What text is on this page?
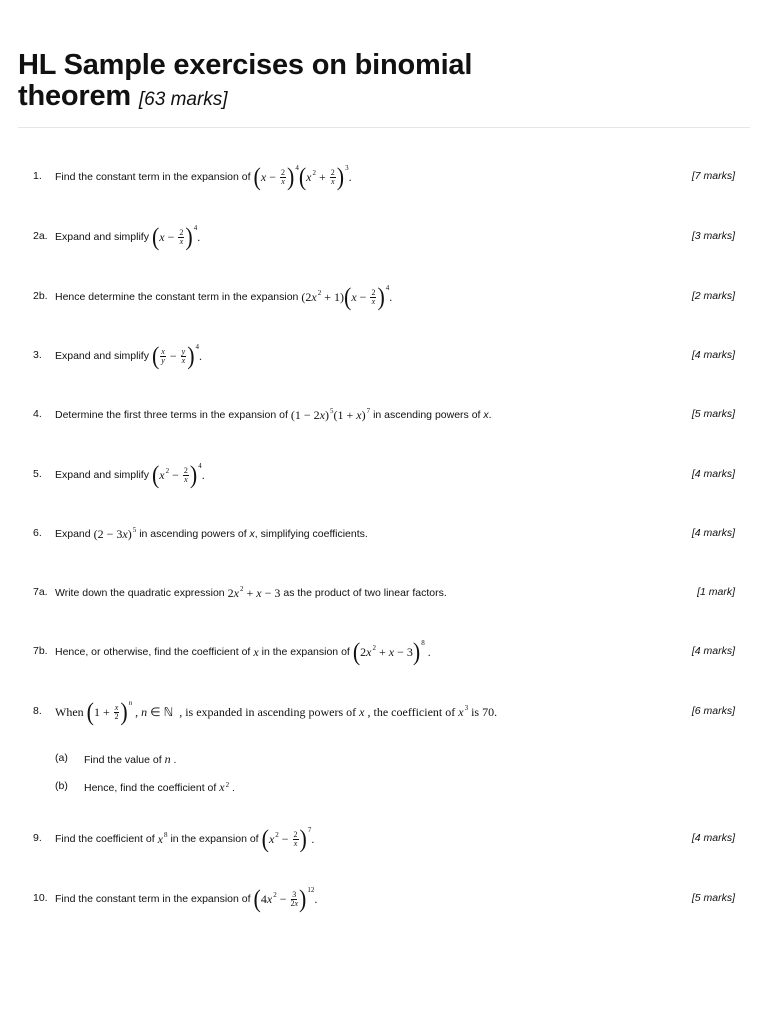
HL Sample exercises on binomial theorem [63 marks]
1. Find the constant term in the expansion of ( $x - \frac{2}{x}$ ) 4 ( x $2 + \frac{2}{x}$ ) 3
.	[7 marks]
2a. Expand and simplify ( $x - \frac{2}{x}$ ) 4
.	[3 marks]
2b. Hence determine the constant term in the expansion (2 x 2 + 1) ( $x - \frac{2}{x}$ ) 4
.	[2 marks]
3. Expand and simplify ( $\frac{x}{y} - \frac{y}{x}$ ) 4
.	[4 marks]
4. Determine the first three terms in the expansion of (1 − 2 x ) 5 (1 + x ) 7 in ascending powers of
x .	[5 marks]
5. Expand and simplify ( x $2 - \frac{2}{x}$ ) 4
.	[4 marks]
6. Expand (2 − 3 x ) 5 in ascending powers of
x , simplifying coefficients.	[4 marks]
7a. Write down the quadratic expression 2 x 2 + x − 3 as the product of two linear factors.	[1 mark]
7b. Hence, or otherwise, find the coefficient of x in the expansion of ( 2 x 2 + x − 3 ) 8
.	[4 marks]
8. When ( $1 + \frac{x}{2}$ ) n
, n ∈ ℕ , is expanded in ascending powers of
x
, the coefficient of
x 3
is 70.	[6 marks]
(a) Find the value of n .
(b) Hence, find the coefficient of $x^2$ .
9. Find the coefficient of x 8 in the expansion of ( x $2 - \frac{2}{x}$ ) 7
.	[4 marks]
10. Find the constant term in the expansion of ( 4 x $2 - \frac{3}{2x}$ ) 12
.	[5 marks]
